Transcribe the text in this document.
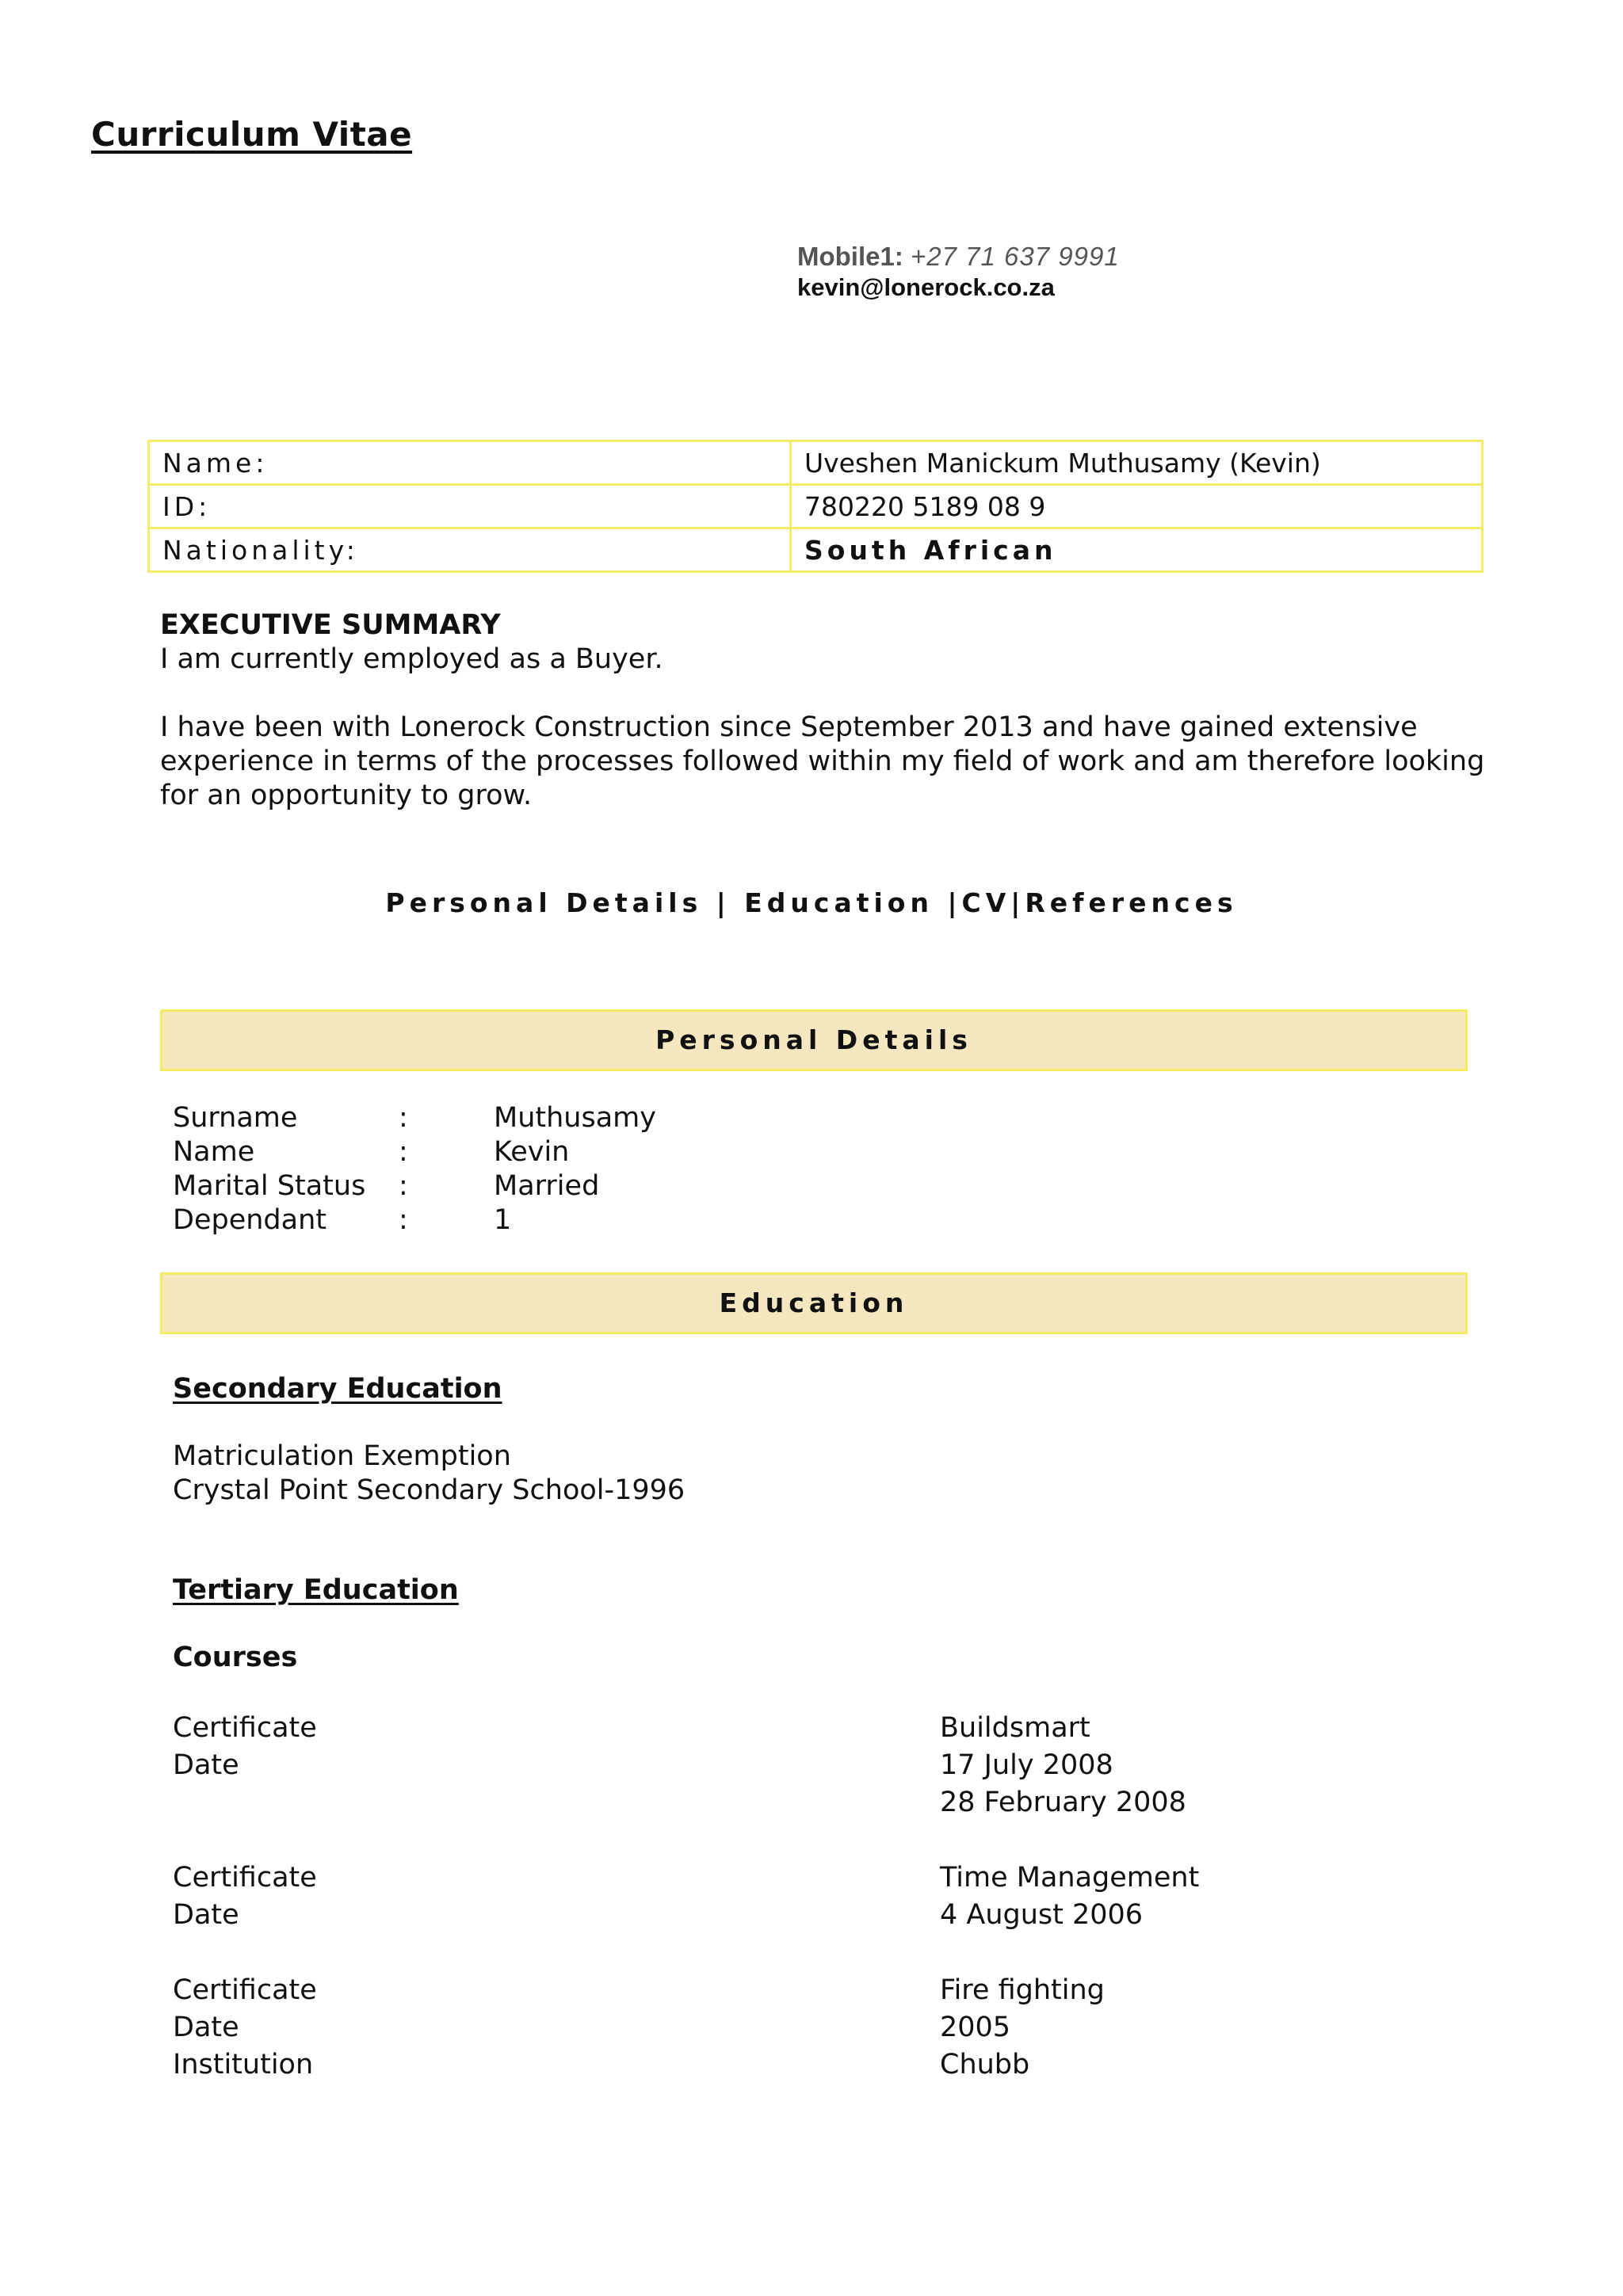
Curriculum Vitae
Mobile1: +27 71 637 9991
kevin@lonerock.co.za
Name:	Uveshen Manickum Muthusamy (Kevin)
ID:	780220 5189 08 9
Nationality:	South African

EXECUTIVE SUMMARY

I am currently employed as a Buyer.

I have been with Lonerock Construction since September 2013 and have gained extensive experience in terms of the processes followed within my field of work and am therefore looking for an opportunity to grow.

Personal Details | Education |CV|References
Personal Details
Surname	:	Muthusamy
Name	:	Kevin
Marital Status	:	Married
Dependant	:	1
Education
Secondary Education
Matriculation Exemption
Crystal Point Secondary School-1996
Tertiary Education
Courses
Certificate	Buildsmart
Date	17 July 2008
28 February 2008
Certificate	Time Management
Date	4 August 2006
Certificate	Fire fighting
Date	2005
Institution	Chubb
